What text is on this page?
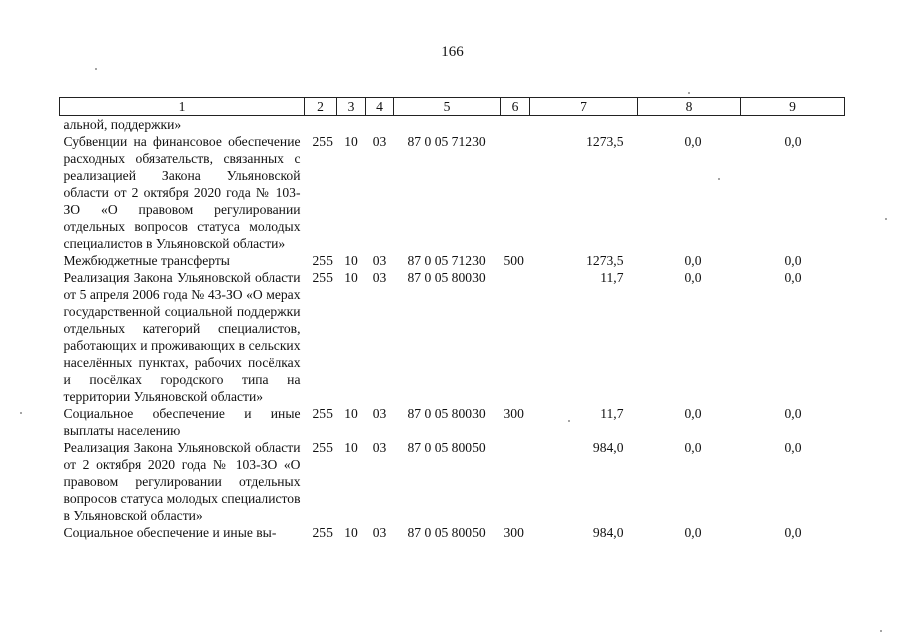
166
1	2	3	4	5	6	7	8	9
альной, поддержки»								
Субвенции на финансовое обеспечение расходных обязательств, связанных с реализацией Закона Ульяновской области от 2 октября 2020 года № 103-ЗО «О правовом регулировании отдельных вопросов статуса молодых специалистов в Ульяновской области»	255	10	03	87 0 05 71230		1273,5	0,0	0,0
Межбюджетные трансферты	255	10	03	87 0 05 71230	500	1273,5	0,0	0,0
Реализация Закона Ульяновской области от 5 апреля 2006 года № 43-ЗО «О мерах государственной социальной поддержки отдельных категорий специалистов, работающих и проживающих в сельских населённых пунктах, рабочих посёлках и посёлках городского типа на территории Ульяновской области»	255	10	03	87 0 05 80030		11,7	0,0	0,0
Социальное обеспечение и иные выплаты населению	255	10	03	87 0 05 80030	300	11,7	0,0	0,0
Реализация Закона Ульяновской области от 2 октября 2020 года № 103-ЗО «О правовом регулировании отдельных вопросов статуса молодых специалистов в Ульяновской области»	255	10	03	87 0 05 80050		984,0	0,0	0,0
Социальное обеспечение и иные вы-	255	10	03	87 0 05 80050	300	984,0	0,0	0,0
